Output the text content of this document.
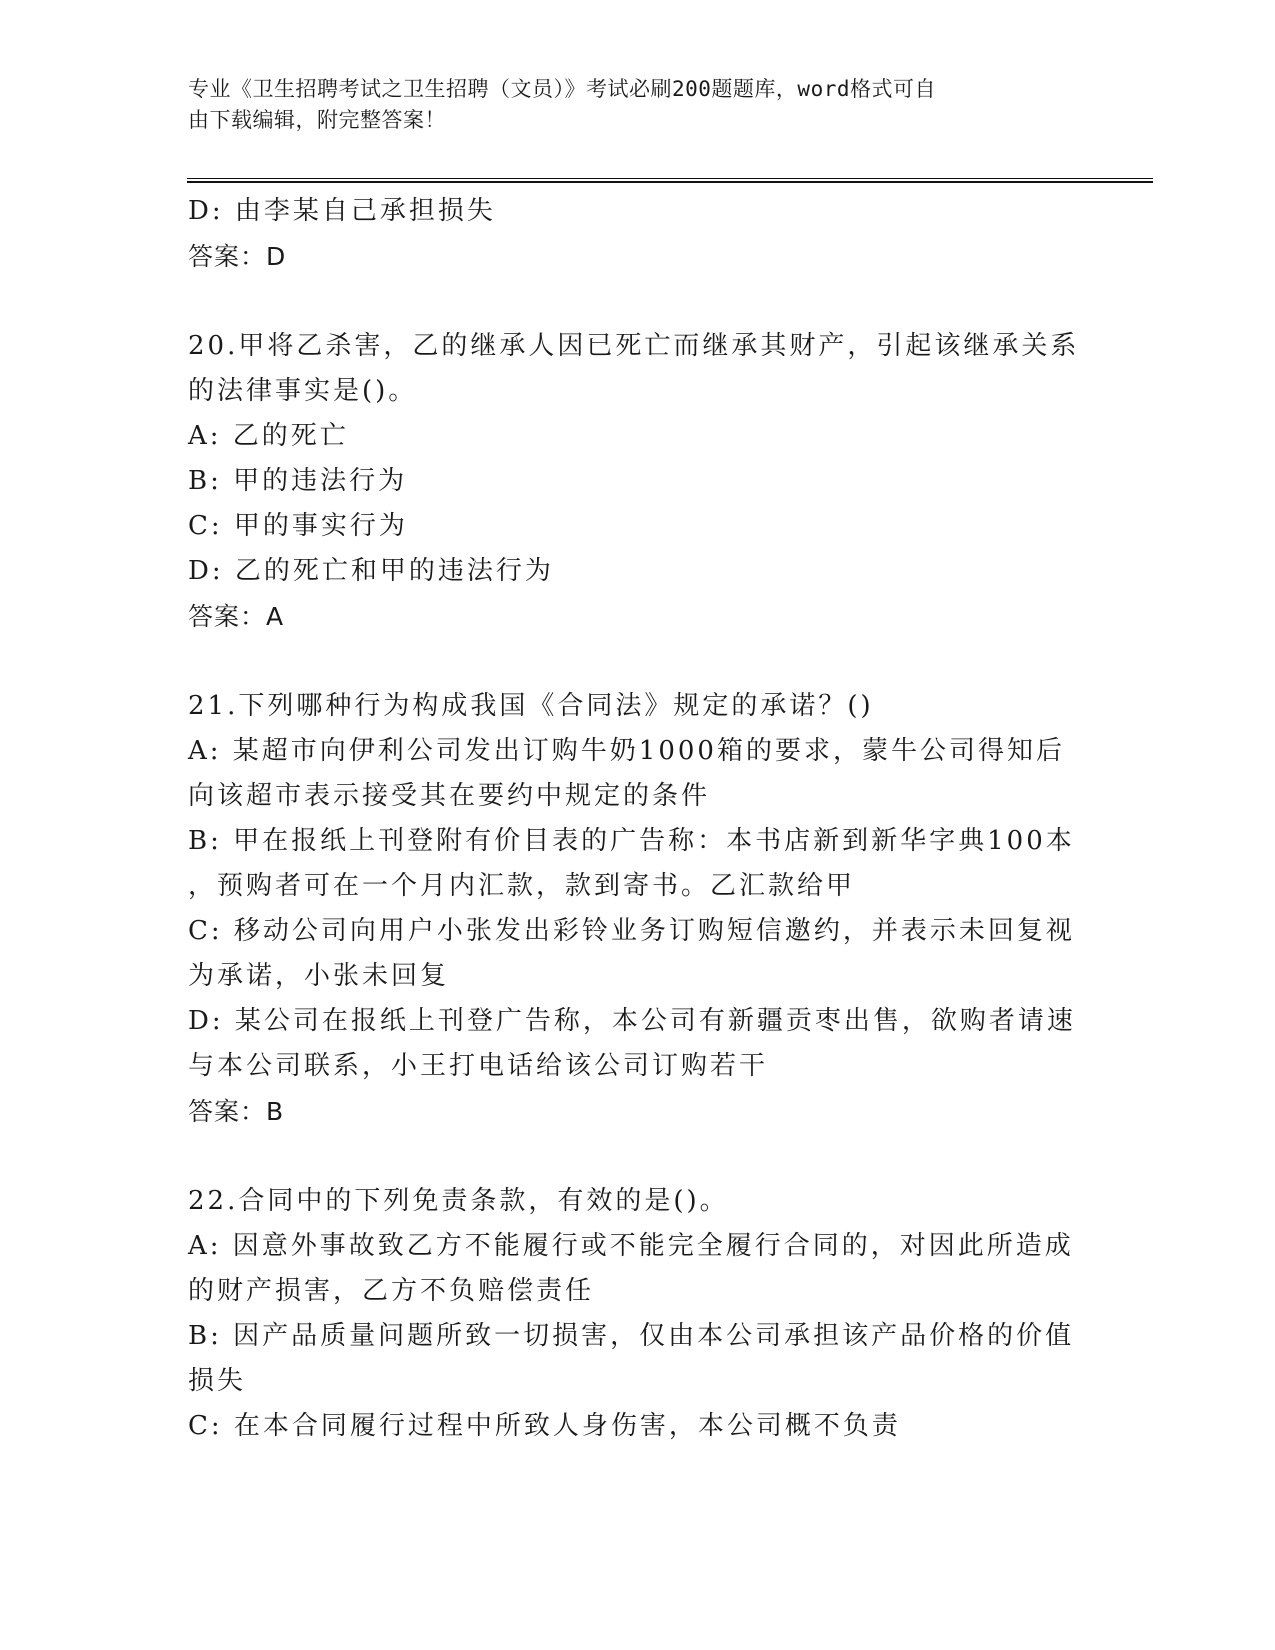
专业《卫生招聘考试之卫生招聘（文员）》考试必刷200题题库，word格式可自
由下载编辑，附完整答案！
D: 由李某自己承担损失
答案：D
20.甲将乙杀害，乙的继承人因已死亡而继承其财产，引起该继承关系
的法律事实是()。
A: 乙的死亡
B: 甲的违法行为
C: 甲的事实行为
D: 乙的死亡和甲的违法行为
答案：A
21.下列哪种行为构成我国《合同法》规定的承诺？()
A: 某超市向伊利公司发出订购牛奶1000箱的要求，蒙牛公司得知后
向该超市表示接受其在要约中规定的条件
B: 甲在报纸上刊登附有价目表的广告称：本书店新到新华字典100本
，预购者可在一个月内汇款，款到寄书。乙汇款给甲
C: 移动公司向用户小张发出彩铃业务订购短信邀约，并表示未回复视
为承诺，小张未回复
D: 某公司在报纸上刊登广告称，本公司有新疆贡枣出售，欲购者请速
与本公司联系，小王打电话给该公司订购若干
答案：B
22.合同中的下列免责条款，有效的是()。
A: 因意外事故致乙方不能履行或不能完全履行合同的，对因此所造成
的财产损害，乙方不负赔偿责任
B: 因产品质量问题所致一切损害，仅由本公司承担该产品价格的价值
损失
C: 在本合同履行过程中所致人身伤害，本公司概不负责
